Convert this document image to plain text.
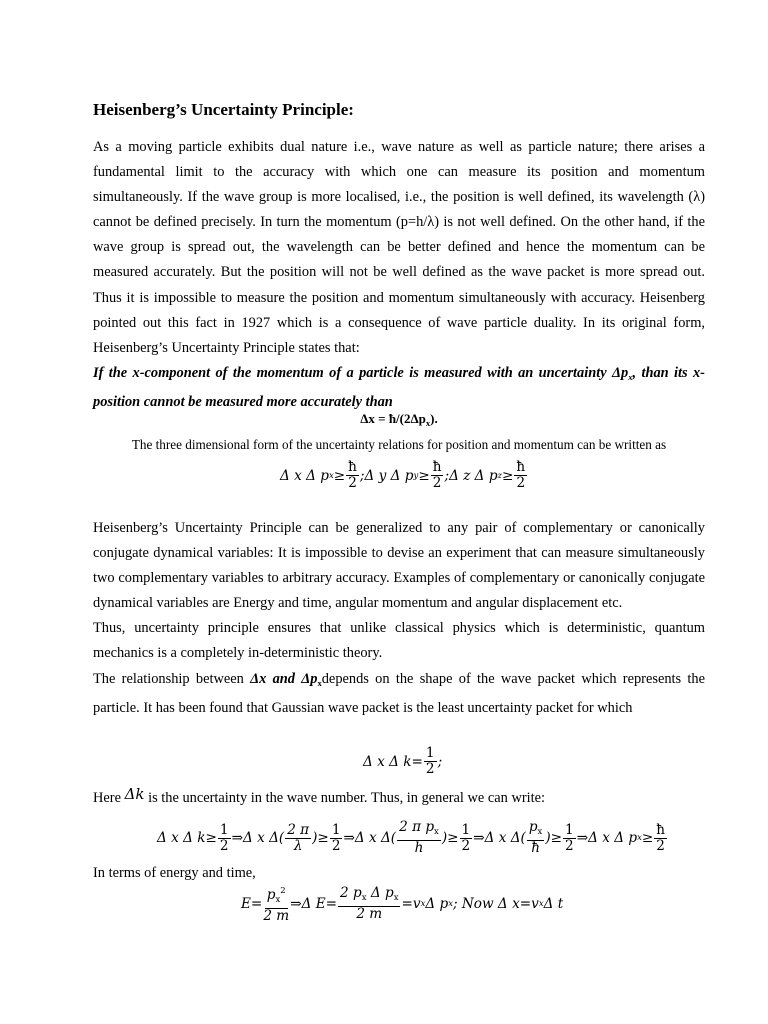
Heisenberg’s Uncertainty Principle:

As a moving particle exhibits dual nature i.e., wave nature as well as particle nature; there arises a fundamental limit to the accuracy with which one can measure its position and momentum simultaneously. If the wave group is more localised, i.e., the position is well defined, its wavelength (λ) cannot be defined precisely. In turn the momentum (p=h/λ) is not well defined. On the other hand, if the wave group is spread out, the wavelength can be better defined and hence the momentum can be measured accurately. But the position will not be well defined as the wave packet is more spread out. Thus it is impossible to measure the position and momentum simultaneously with accuracy. Heisenberg pointed out this fact in 1927 which is a consequence of wave particle duality. In its original form, Heisenberg’s Uncertainty Principle states that:
If the x-component of the momentum of a particle is measured with an uncertainty $\Delta p_x$, than its x-position cannot be measured more accurately than

$\Delta x = ħ/(2\Delta p_x)$.
The three dimensional form of the uncertainty relations for position and momentum can be written as
Δ x Δ p $x \ge \frac{ħ}{2}$ ; Δ y Δ p $y \ge \frac{ħ}{2}$ ; Δ z Δ p $z \ge \frac{ħ}{2}$

Heisenberg’s Uncertainty Principle can be generalized to any pair of complementary or canonically conjugate dynamical variables: It is impossible to devise an experiment that can measure simultaneously two complementary variables to arbitrary accuracy. Examples of complementary or canonically conjugate dynamical variables are Energy and time, angular momentum and angular displacement etc.
Thus, uncertainty principle ensures that unlike classical physics which is deterministic, quantum mechanics is a completely in-deterministic theory.
The relationship between Δx and $\Delta p_xdepends$ on the shape of the wave packet which represents the particle. It has been found that Gaussian wave packet is the least uncertainty packet for which

Δ x Δ $k= \frac{1}{2}$ ;
Here Δk is the uncertainty in the wave number. Thus, in general we can write:
Δ x Δ $k\ge \frac{1}{2}$ ⇒ Δ x $\Delta( \frac{2 \pi}{\lambda}$ )≥ $\frac{1}{2}$ ⇒ Δ x $\Delta( \frac{2 \pi p_x}{h}$ )≥ $\frac{1}{2}$ ⇒ Δ x $\Delta( \frac{p_x}{ħ}$ )≥ $\frac{1}{2}$ ⇒ Δ x Δ p $x \ge \frac{ħ}{2}$
In terms of energy and time,
$E= \frac{p_x^2}{2 m}$ ⇒ Δ $E= \frac{2 p_x \Delta p_x}{2 m} =v$ x Δ p x ; Now Δ x=v x Δ t
